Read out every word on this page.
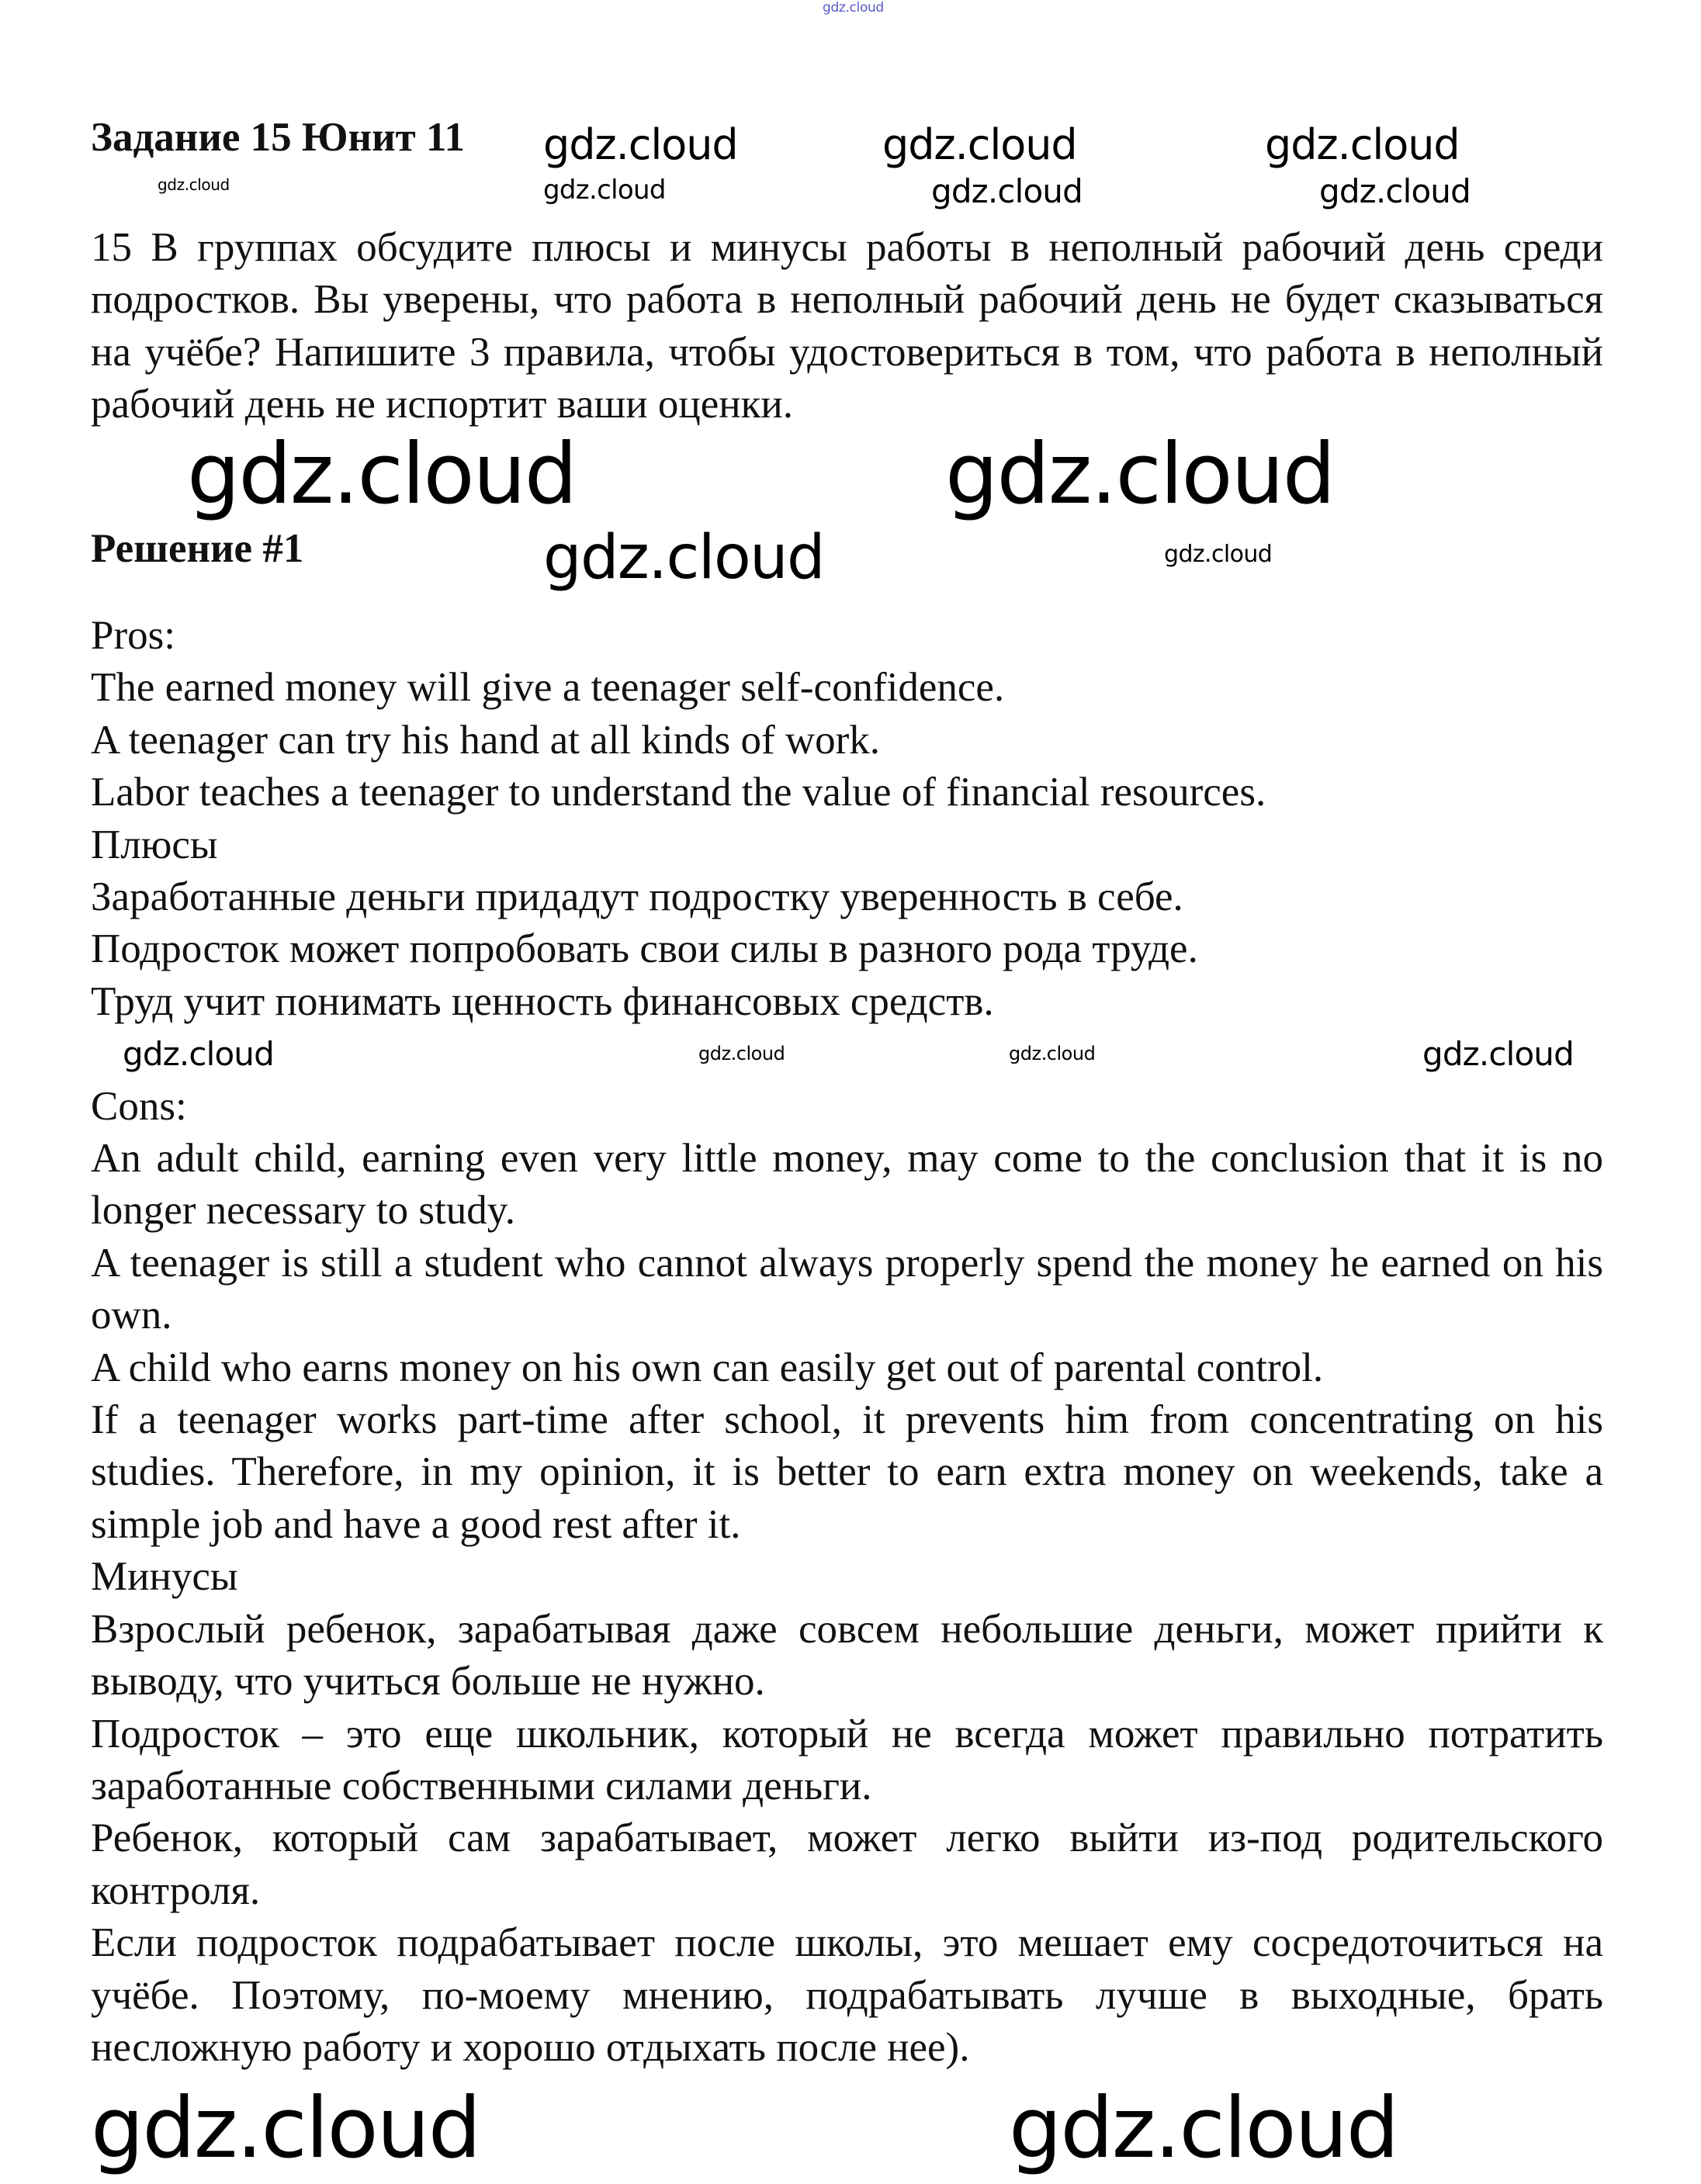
Задание 15 Юнит 11
15 В группах обсудите плюсы и минусы работы в неполный рабочий день среди подростков. Вы уверены, что работа в неполный рабочий день не будет сказываться на учёбе? Напишите 3 правила, чтобы удостовериться в том, что работа в неполный рабочий день не испортит ваши оценки.
Решение #1
Pros:
The earned money will give a teenager self-confidence.
A teenager can try his hand at all kinds of work.
Labor teaches a teenager to understand the value of financial resources.
Плюсы
Заработанные деньги придадут подростку уверенность в себе.
Подросток может попробовать свои силы в разного рода труде.
Труд учит понимать ценность финансовых средств.
Cons:
An adult child, earning even very little money, may come to the conclusion that it is no longer necessary to study.
A teenager is still a student who cannot always properly spend the money he earned on his own.
A child who earns money on his own can easily get out of parental control.
If a teenager works part-time after school, it prevents him from concentrating on his studies. Therefore, in my opinion, it is better to earn extra money on weekends, take a simple job and have a good rest after it.
Минусы
Взрослый ребенок, зарабатывая даже совсем небольшие деньги, может прийти к выводу, что учиться больше не нужно.
Подросток – это еще школьник, который не всегда может правильно потратить заработанные собственными силами деньги.
Ребенок, который сам зарабатывает, может легко выйти из-под родительского контроля.
Если подросток подрабатывает после школы, это мешает ему сосредоточиться на учёбе. Поэтому, по-моему мнению, подрабатывать лучше в выходные, брать несложную работу и хорошо отдыхать после нее).
gdz.cloud
gdz.cloud	gdz.cloud	gdz.cloud
gdz.cloud	gdz.cloud	gdz.cloud	gdz.cloud
gdz.cloud	gdz.cloud
gdz.cloud	gdz.cloud
gdz.cloud	gdz.cloud	gdz.cloud	gdz.cloud
gdz.cloud	gdz.cloud
